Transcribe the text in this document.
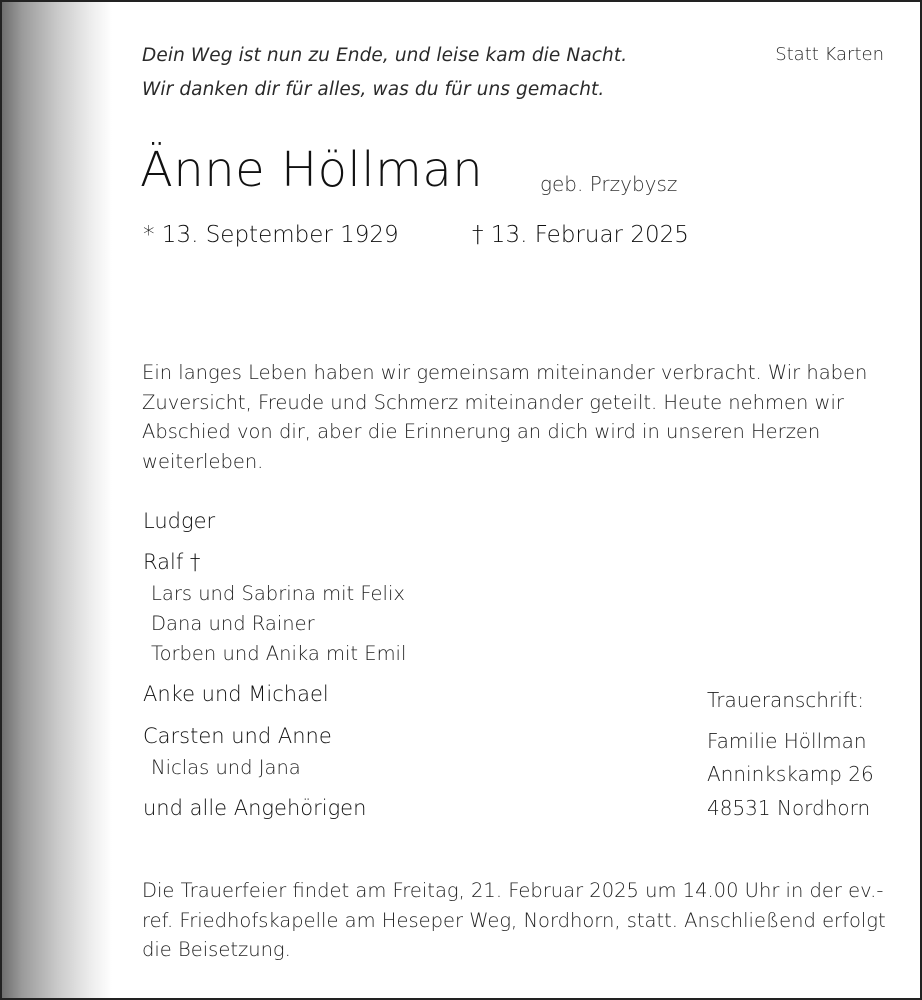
Dein Weg ist nun zu Ende, und leise kam die Nacht.
Wir danken dir für alles, was du für uns gemacht.
Statt Karten
Änne Höllman	geb. Przybysz
* 13. September 1929	† 13. Februar 2025
Ein langes Leben haben wir gemeinsam miteinander verbracht. Wir haben Zuversicht, Freude und Schmerz miteinander geteilt. Heute nehmen wir Abschied von dir, aber die Erinnerung an dich wird in unseren Herzen weiterleben.
Ludger
Ralf †
Lars und Sabrina mit Felix
Dana und Rainer
Torben und Anika mit Emil
Anke und Michael
Carsten und Anne
Niclas und Jana
und alle Angehörigen
Traueranschrift:
Familie Höllman
Anninkskamp 26
48531 Nordhorn
Die Trauerfeier findet am Freitag, 21. Februar 2025 um 14.00 Uhr in der ev.-ref. Friedhofskapelle am Heseper Weg, Nordhorn, statt. Anschließend erfolgt die Beisetzung.
